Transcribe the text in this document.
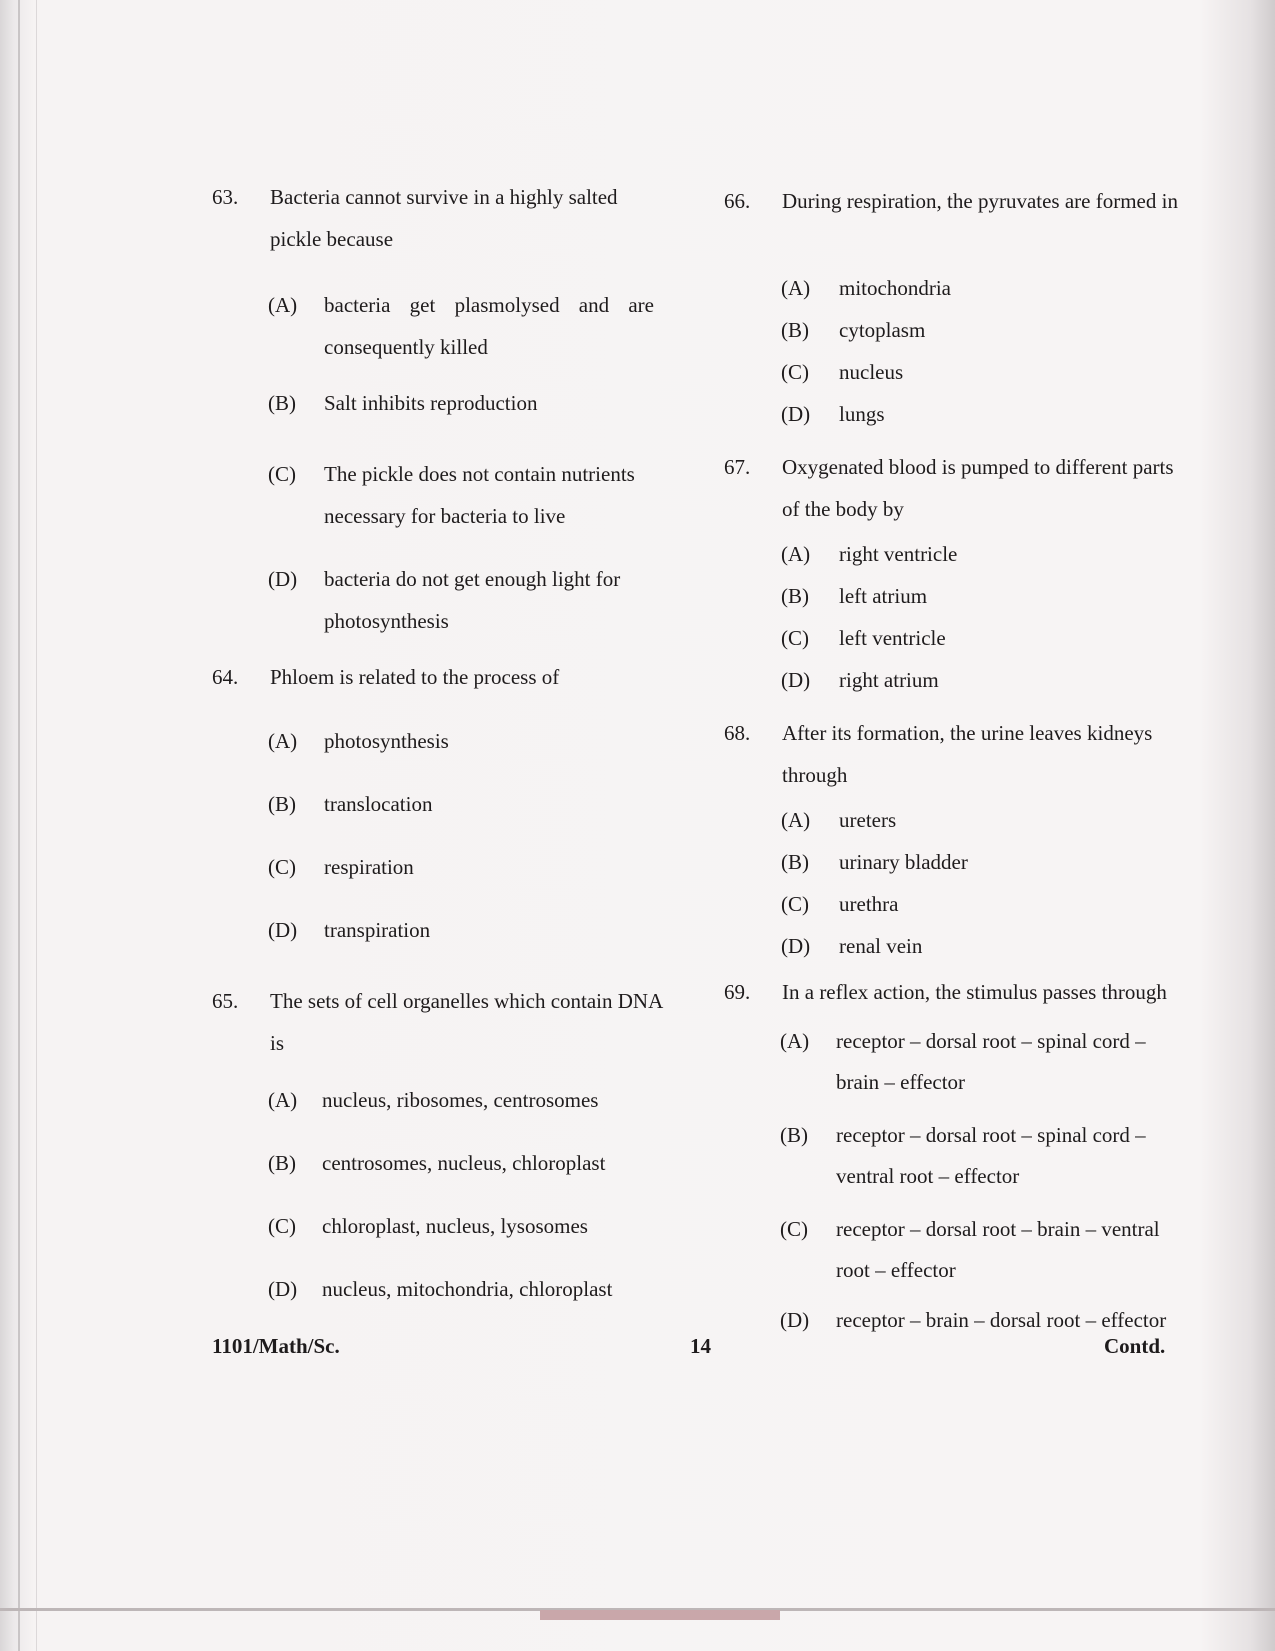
63. Bacteria cannot survive in a highly salted pickle because
(A) bacteria get plasmolysed and are consequently killed
(B) Salt inhibits reproduction
(C) The pickle does not contain nutrients necessary for bacteria to live
(D) bacteria do not get enough light for photosynthesis
64. Phloem is related to the process of
(A) photosynthesis
(B) translocation
(C) respiration
(D) transpiration
65. The sets of cell organelles which contain DNA is
(A) nucleus, ribosomes, centrosomes
(B) centrosomes, nucleus, chloroplast
(C) chloroplast, nucleus, lysosomes
(D) nucleus, mitochondria, chloroplast
66. During respiration, the pyruvates are formed in
(A) mitochondria
(B) cytoplasm
(C) nucleus
(D) lungs
67. Oxygenated blood is pumped to different parts of the body by
(A) right ventricle
(B) left atrium
(C) left ventricle
(D) right atrium
68. After its formation, the urine leaves kidneys through
(A) ureters
(B) urinary bladder
(C) urethra
(D) renal vein
69. In a reflex action, the stimulus passes through
(A) receptor – dorsal root – spinal cord – brain – effector
(B) receptor – dorsal root – spinal cord – ventral root – effector
(C) receptor – dorsal root – brain – ventral root – effector
(D) receptor – brain – dorsal root – effector
1101/Math/Sc.	14	Contd.
